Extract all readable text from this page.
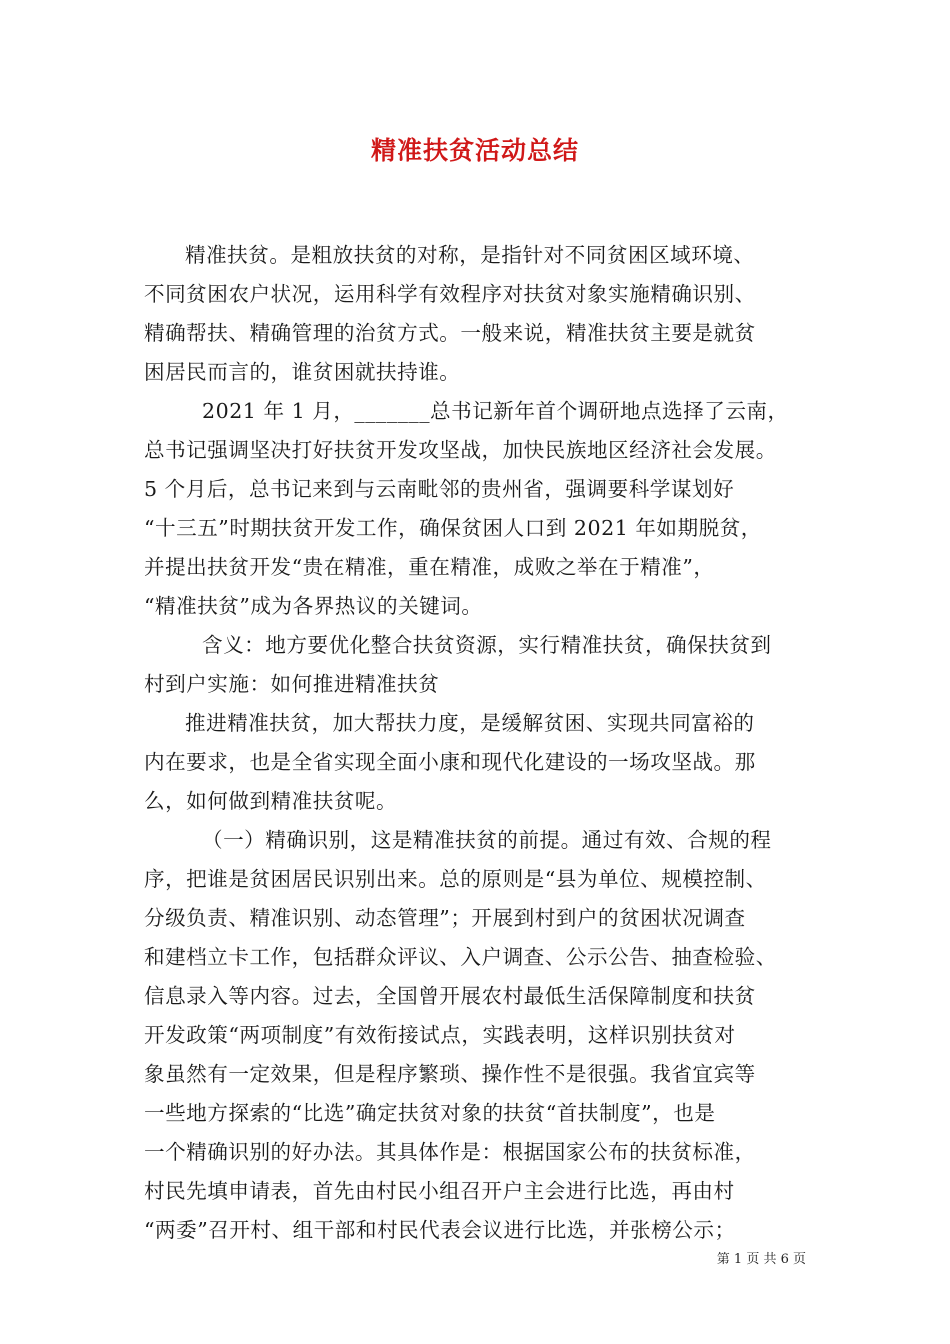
精准扶贫活动总结
精准扶贫。是粗放扶贫的对称，是指针对不同贫困区域环境、
不同贫困农户状况，运用科学有效程序对扶贫对象实施精确识别、
精确帮扶、精确管理的治贫方式。一般来说，精准扶贫主要是就贫
困居民而言的，谁贫困就扶持谁。
2021 年 1 月，_______总书记新年首个调研地点选择了云南，
总书记强调坚决打好扶贫开发攻坚战，加快民族地区经济社会发展。
5 个月后，总书记来到与云南毗邻的贵州省，强调要科学谋划好
“十三五”时期扶贫开发工作，确保贫困人口到 2021 年如期脱贫，
并提出扶贫开发“贵在精准，重在精准，成败之举在于精准”，
“精准扶贫”成为各界热议的关键词。
含义：地方要优化整合扶贫资源，实行精准扶贫，确保扶贫到
村到户实施：如何推进精准扶贫
推进精准扶贫，加大帮扶力度，是缓解贫困、实现共同富裕的
内在要求，也是全省实现全面小康和现代化建设的一场攻坚战。那
么，如何做到精准扶贫呢。
（一）精确识别，这是精准扶贫的前提。通过有效、合规的程
序，把谁是贫困居民识别出来。总的原则是“县为单位、规模控制、
分级负责、精准识别、动态管理”；开展到村到户的贫困状况调查
和建档立卡工作，包括群众评议、入户调查、公示公告、抽查检验、
信息录入等内容。过去，全国曾开展农村最低生活保障制度和扶贫
开发政策“两项制度”有效衔接试点，实践表明，这样识别扶贫对
象虽然有一定效果，但是程序繁琐、操作性不是很强。我省宜宾等
一些地方探索的“比选”确定扶贫对象的扶贫“首扶制度”，也是
一个精确识别的好办法。其具体作是：根据国家公布的扶贫标准，
村民先填申请表，首先由村民小组召开户主会进行比选，再由村
“两委”召开村、组干部和村民代表会议进行比选，并张榜公示；
第 1 页 共 6 页
